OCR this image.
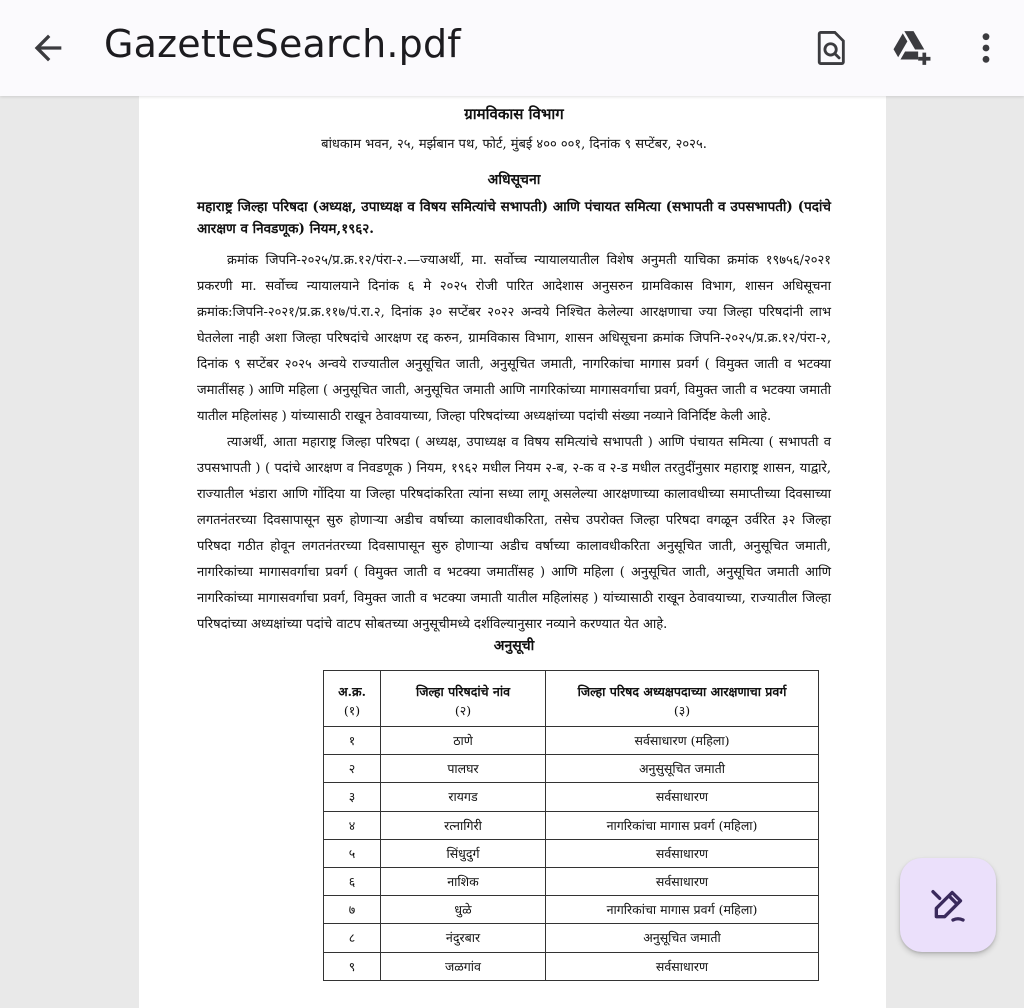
GazetteSearch.pdf
ग्रामविकास विभाग
बांधकाम भवन, २५, मर्झबान पथ, फोर्ट, मुंबई ४०० ००१, दिनांक ९ सप्टेंबर, २०२५.
अधिसूचना
महाराष्ट्र जिल्हा परिषदा (अध्यक्ष, उपाध्यक्ष व विषय समित्यांचे सभापती) आणि पंचायत समित्या (सभापती व उपसभापती) (पदांचे आरक्षण व निवडणूक) नियम,१९६२.
क्रमांक जिपनि-२०२५/प्र.क्र.१२/पंरा-२.—ज्याअर्थी, मा. सर्वोच्च न्यायालयातील विशेष अनुमती याचिका क्रमांक १९७५६/२०२१ प्रकरणी मा. सर्वोच्च न्यायालयाने दिनांक ६ मे २०२५ रोजी पारित आदेशास अनुसरुन ग्रामविकास विभाग, शासन अधिसूचना क्रमांक:जिपनि-२०२१/प्र.क्र.११७/पं.रा.२, दिनांक ३० सप्टेंबर २०२२ अन्वये निश्चित केलेल्या आरक्षणाचा ज्या जिल्हा परिषदांनी लाभ घेतलेला नाही अशा जिल्हा परिषदांचे आरक्षण रद्द करुन, ग्रामविकास विभाग, शासन अधिसूचना क्रमांक जिपनि-२०२५/प्र.क्र.१२/पंरा-२, दिनांक ९ सप्टेंबर २०२५ अन्वये राज्यातील अनुसूचित जाती, अनुसूचित जमाती, नागरिकांचा मागास प्रवर्ग ( विमुक्त जाती व भटक्या जमातींसह ) आणि महिला ( अनुसूचित जाती, अनुसूचित जमाती आणि नागरिकांच्या मागासवर्गाचा प्रवर्ग, विमुक्त जाती व भटक्या जमाती यातील महिलांसह ) यांच्यासाठी राखून ठेवावयाच्या, जिल्हा परिषदांच्या अध्यक्षांच्या पदांची संख्या नव्याने विनिर्दिष्ट केली आहे.
त्याअर्थी, आता महाराष्ट्र जिल्हा परिषदा ( अध्यक्ष, उपाध्यक्ष व विषय समित्यांचे सभापती ) आणि पंचायत समित्या ( सभापती व उपसभापती ) ( पदांचे आरक्षण व निवडणूक ) नियम, १९६२ मधील नियम २-ब, २-क व २-ड मधील तरतुदींनुसार महाराष्ट्र शासन, याद्वारे, राज्यातील भंडारा आणि गोंदिया या जिल्हा परिषदांकरिता त्यांना सध्या लागू असलेल्या आरक्षणाच्या कालावधीच्या समाप्तीच्या दिवसाच्या लगतनंतरच्या दिवसापासून सुरु होणाऱ्या अडीच वर्षाच्या कालावधीकरिता, तसेच उपरोक्त जिल्हा परिषदा वगळून उर्वरित ३२ जिल्हा परिषदा गठीत होवून लगतनंतरच्या दिवसापासून सुरु होणाऱ्या अडीच वर्षाच्या कालावधीकरिता अनुसूचित जाती, अनुसूचित जमाती, नागरिकांच्या मागासवर्गाचा प्रवर्ग ( विमुक्त जाती व भटक्या जमातींसह ) आणि महिला ( अनुसूचित जाती, अनुसूचित जमाती आणि नागरिकांच्या मागासवर्गाचा प्रवर्ग, विमुक्त जाती व भटक्या जमाती यातील महिलांसह ) यांच्यासाठी राखून ठेवावयाच्या, राज्यातील जिल्हा परिषदांच्या अध्यक्षांच्या पदांचे वाटप सोबतच्या अनुसूचीमध्ये दर्शविल्यानुसार नव्याने करण्यात येत आहे.
अनुसूची
अ.क्र.	जिल्हा परिषदांचे नांव	जिल्हा परिषद अध्यक्षपदाच्या आरक्षणाचा प्रवर्ग
(१)	(२)	(३)
१	ठाणे	सर्वसाधारण (महिला)
२	पालघर	अनुसुसूचित जमाती
३	रायगड	सर्वसाधारण
४	रत्नागिरी	नागरिकांचा मागास प्रवर्ग (महिला)
५	सिंधुदुर्ग	सर्वसाधारण
६	नाशिक	सर्वसाधारण
७	धुळे	नागरिकांचा मागास प्रवर्ग (महिला)
८	नंदुरबार	अनुसूचित जमाती
९	जळगांव	सर्वसाधारण
